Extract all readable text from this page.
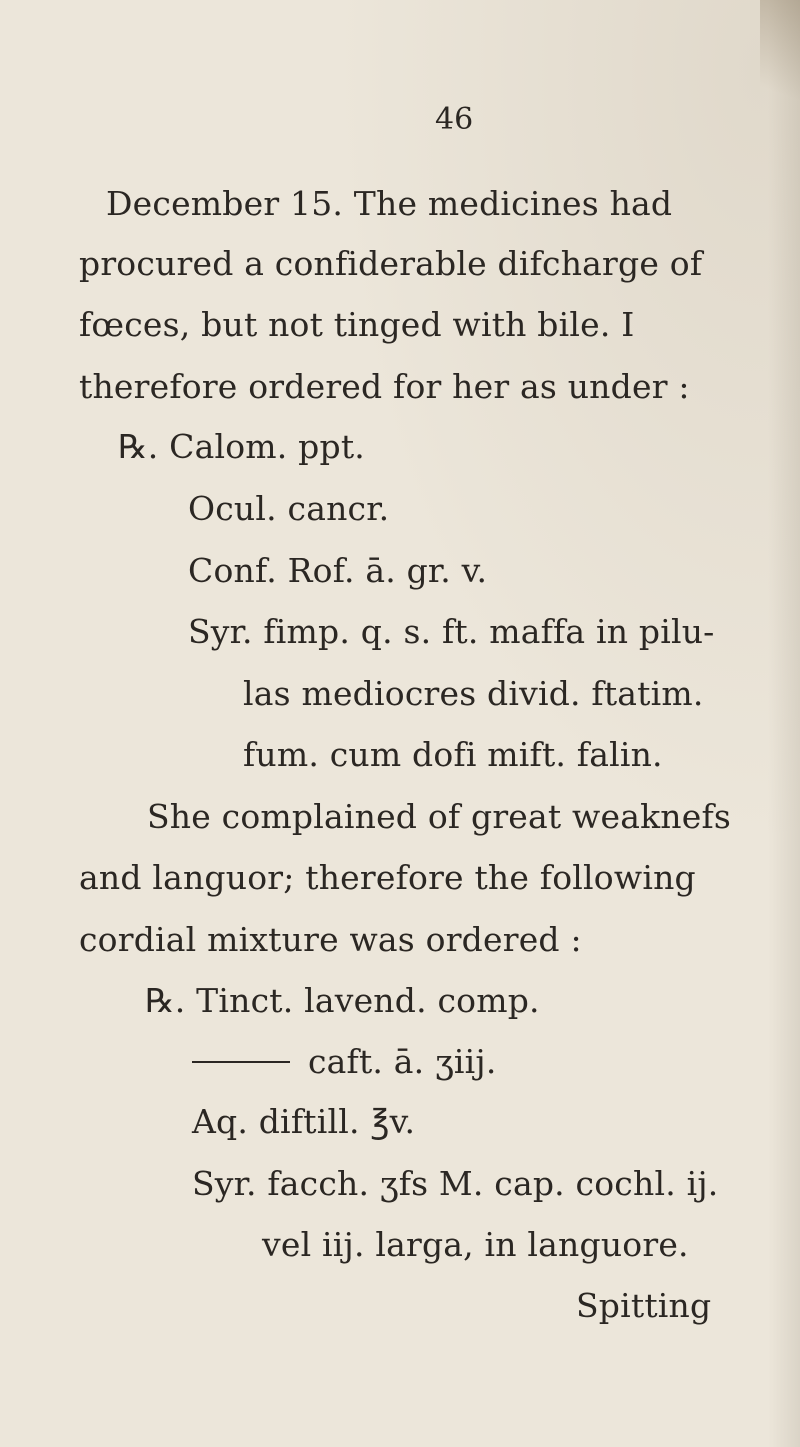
46
December 15. The medicines had
procured a confiderable difcharge of
fœces, but not tinged with bile. I
therefore ordered for her as under :
℞. Calom. ppt.
Ocul. cancr.
Conf. Rof. ā. gr. v.
Syr. fimp. q. s. ft. maffa in pilu-
las mediocres divid. ftatim.
fum. cum dofi mift. falin.
She complained of great weaknefs
and languor; therefore the following
cordial mixture was ordered :
℞. Tinct. lavend. comp.
caft. ā. ʒiij.
Aq. diftill. ℥v.
Syr. facch. ʒfs M. cap. cochl. ij.
vel iij. larga, in languore.
Spitting
